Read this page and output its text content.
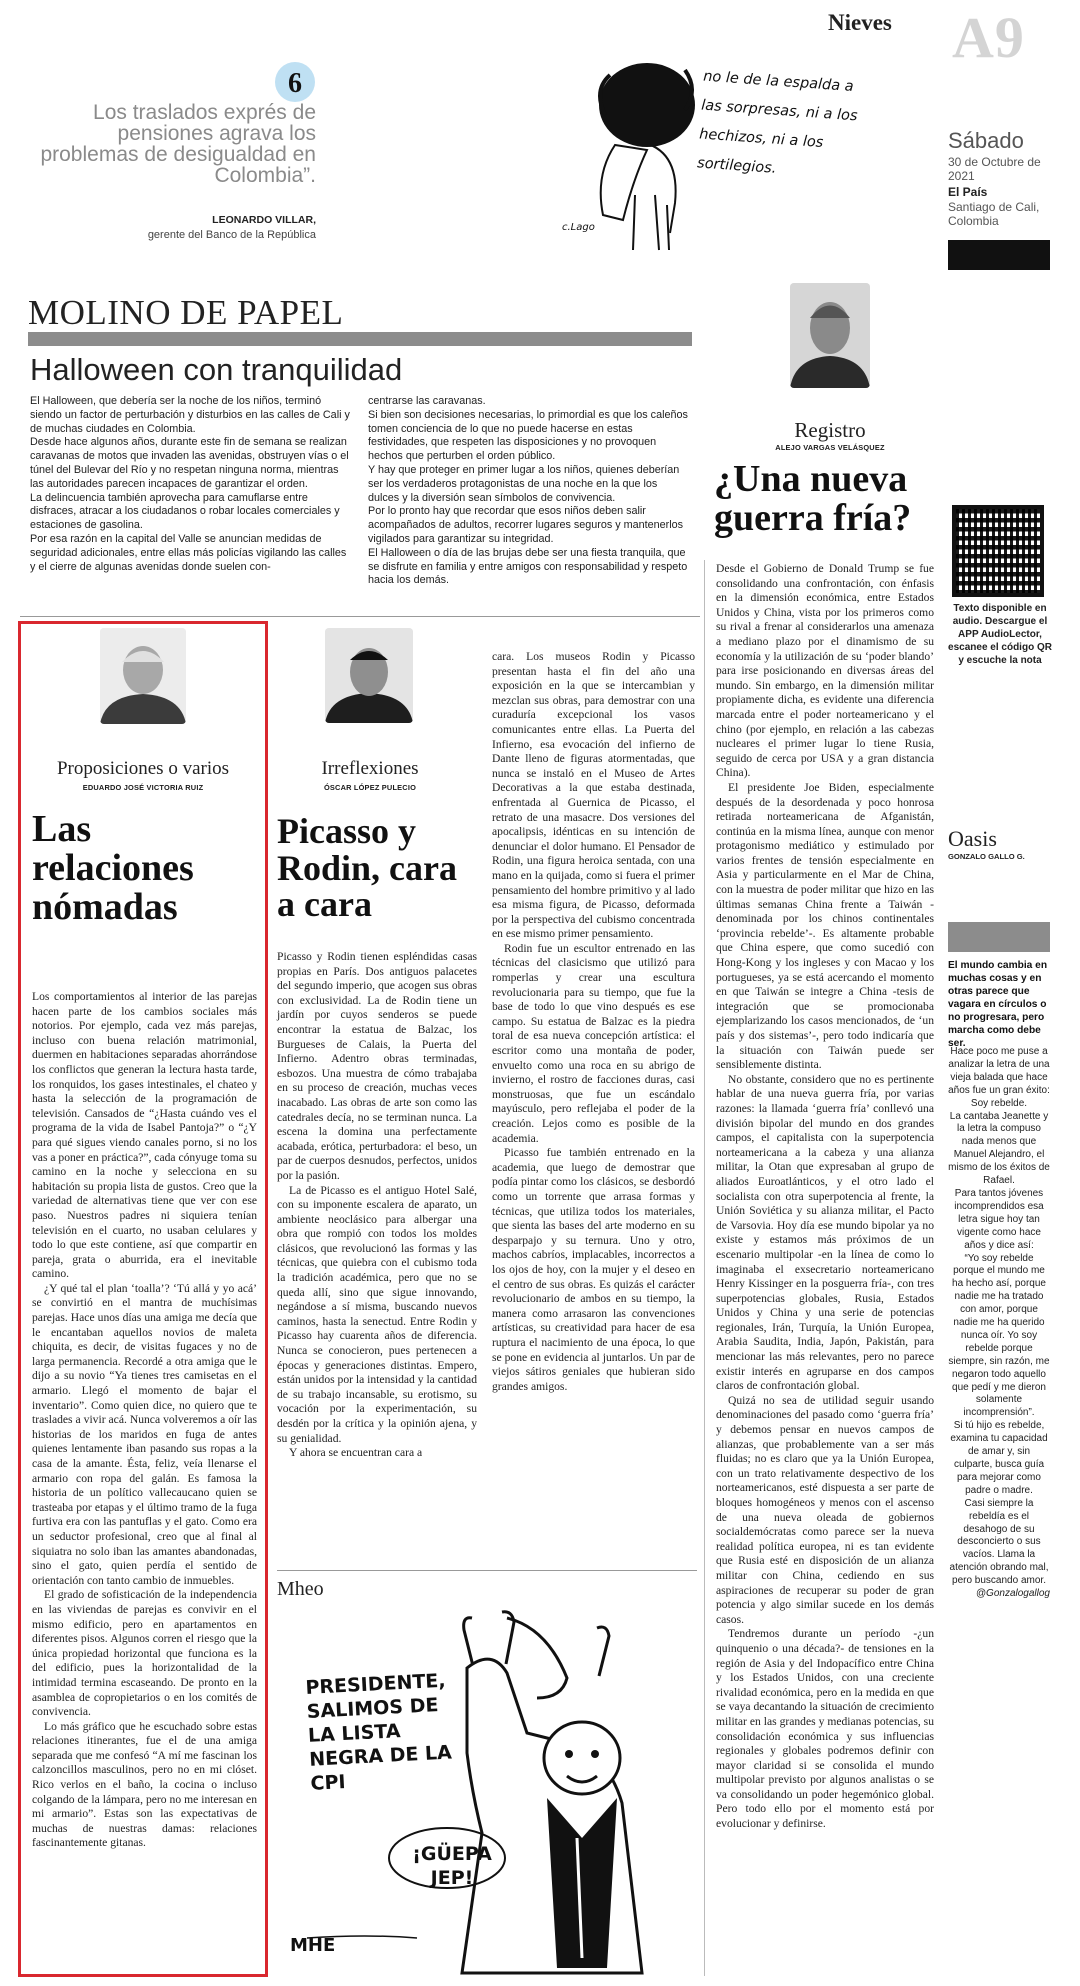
Nieves A9
Sábado
30 de Octubre de 2021
El País
Santiago de Cali, Colombia
6
Los traslados exprés de pensiones agrava los problemas de desigualdad en Colombia”.
LEONARDO VILLAR,
gerente del Banco de la República
no le de la espalda a las sorpresas, ni a los hechizos, ni a los sortilegios.
c.Lago
MOLINO DE PAPEL
Halloween con tranquilidad

El Halloween, que debería ser la noche de los niños, terminó siendo un factor de perturbación y disturbios en las calles de Cali y de muchas ciudades en Colombia.

Desde hace algunos años, durante este fin de semana se realizan caravanas de motos que invaden las avenidas, obstruyen vías o el túnel del Bulevar del Río y no respetan ninguna norma, mientras las autoridades parecen incapaces de garantizar el orden.

La delincuencia también aprovecha para camuflarse entre disfraces, atracar a los ciudadanos o robar locales comerciales y estaciones de gasolina.

Por esa razón en la capital del Valle se anuncian medidas de seguridad adicionales, entre ellas más policías vigilando las calles y el cierre de algunas avenidas donde suelen con-

centrarse las caravanas.

Si bien son decisiones necesarias, lo primordial es que los caleños tomen conciencia de lo que no puede hacerse en estas festividades, que respeten las disposiciones y no provoquen hechos que perturben el orden público.

Y hay que proteger en primer lugar a los niños, quienes deberían ser los verdaderos protagonistas de una noche en la que los dulces y la diversión sean símbolos de convivencia.

Por lo pronto hay que recordar que esos niños deben salir acompañados de adultos, recorrer lugares seguros y mantenerlos vigilados para garantizar su integridad.

El Halloween o día de las brujas debe ser una fiesta tranquila, que se disfrute en familia y entre amigos con responsabilidad y respeto hacia los demás.

Registro
ALEJO VARGAS VELÁSQUEZ
¿Una nueva guerra fría?

Desde el Gobierno de Donald Trump se fue consolidando una confrontación, con énfasis en la dimensión económica, entre Estados Unidos y China, vista por los primeros como su rival a frenar al considerarlos una amenaza a mediano plazo por el dinamismo de su economía y la utilización de su ‘poder blando’ para irse posicionando en diversas áreas del mundo. Sin embargo, en la dimensión militar propiamente dicha, es evidente una diferencia marcada entre el poder norteamericano y el chino (por ejemplo, en relación a las cabezas nucleares el primer lugar lo tiene Rusia, seguido de cerca por USA y a gran distancia China).

El presidente Joe Biden, especialmente después de la desordenada y poco honrosa retirada norteamericana de Afganistán, continúa en la misma línea, aunque con menor protagonismo mediático y estimulado por varios frentes de tensión especialmente en Asia y particularmente en el Mar de China, con la muestra de poder militar que hizo en las últimas semanas China frente a Taiwán -denominada por los chinos continentales ‘provincia rebelde’-. Es altamente probable que China espere, que como sucedió con Hong-Kong y los ingleses y con Macao y los portugueses, ya se está acercando el momento en que Taiwán se integre a China -tesis de integración que se promocionaba ejemplarizando los casos mencionados, de ‘un país y dos sistemas’-, pero todo indicaría que la situación con Taiwán puede ser sensiblemente distinta.

No obstante, considero que no es pertinente hablar de una nueva guerra fría, por varias razones: la llamada ‘guerra fría’ conllevó una división bipolar del mundo en dos grandes campos, el capitalista con la superpotencia norteamericana a la cabeza y una alianza militar, la Otan que expresaban al grupo de aliados Euroatlánticos, y el otro lado el socialista con otra superpotencia al frente, la Unión Soviética y su alianza militar, el Pacto de Varsovia. Hoy día ese mundo bipolar ya no existe y estamos más próximos de un escenario multipolar -en la línea de como lo imaginaba el exsecretario norteamericano Henry Kissinger en la posguerra fría-, con tres superpotencias globales, Rusia, Estados Unidos y China y una serie de potencias regionales, Irán, Turquía, la Unión Europea, Arabia Saudita, India, Japón, Pakistán, para mencionar las más relevantes, pero no parece existir interés en agruparse en dos campos claros de confrontación global.

Quizá no sea de utilidad seguir usando denominaciones del pasado como ‘guerra fría’ y debemos pensar en nuevos campos de alianzas, que probablemente van a ser más fluidas; no es claro que ya la Unión Europea, con un trato relativamente despectivo de los norteamericanos, esté dispuesta a ser parte de bloques homogéneos y menos con el ascenso de una nueva oleada de gobiernos socialdemócratas como parece ser la nueva realidad política europea, ni es tan evidente que Rusia esté en disposición de un alianza militar con China, cediendo en sus aspiraciones de recuperar su poder de gran potencia y algo similar sucede en los demás casos.

Tendremos durante un período -¿un quinquenio o una década?- de tensiones en la región de Asia y del Indopacífico entre China y los Estados Unidos, con una creciente rivalidad económica, pero en la medida en que se vaya decantando la situación de crecimiento militar en las grandes y medianas potencias, su consolidación económica y sus influencias regionales y globales podremos definir con mayor claridad si se consolida el mundo multipolar previsto por algunos analistas o se va consolidando un poder hegemónico global. Pero todo ello por el momento está por evolucionar y definirse.

Texto disponible en audio. Descargue el APP AudioLector, escanee el código QR y escuche la nota
Oasis
GONZALO GALLO G.
El mundo cambia en muchas cosas y en otras parece que vagara en círculos o no progresara, pero marcha como debe ser.

Hace poco me puse a analizar la letra de una vieja balada que hace años fue un gran éxito: Soy rebelde.

La cantaba Jeanette y la letra la compuso nada menos que Manuel Alejandro, el mismo de los éxitos de Rafael.

Para tantos jóvenes incomprendidos esa letra sigue hoy tan vigente como hace años y dice así:

“Yo soy rebelde porque el mundo me ha hecho así, porque nadie me ha tratado con amor, porque nadie me ha querido nunca oír. Yo soy rebelde porque siempre, sin razón, me negaron todo aquello que pedí y me dieron solamente incomprensión”.

Si tú hijo es rebelde, examina tu capacidad de amar y, sin culparte, busca guía para mejorar como padre o madre.

Casi siempre la rebeldía es el desahogo de su desconcierto o sus vacíos. Llama la atención obrando mal, pero buscando amor.

@Gonzalogallog

Proposiciones o varios
EDUARDO JOSÉ VICTORIA RUIZ
Las relaciones nómadas

Los comportamientos al interior de las parejas hacen parte de los cambios sociales más notorios. Por ejemplo, cada vez más parejas, incluso con buena relación matrimonial, duermen en habitaciones separadas ahorrándose los conflictos que generan la lectura hasta tarde, los ronquidos, los gases intestinales, el chateo y hasta la selección de la programación de televisión. Cansados de “¿Hasta cuándo ves el programa de la vida de Isabel Pantoja?” o “¿Y para qué sigues viendo canales porno, si no los vas a poner en práctica?”, cada cónyuge toma su camino en la noche y selecciona en su habitación su propia lista de gustos. Creo que la variedad de alternativas tiene que ver con ese paso. Nuestros padres ni siquiera tenían televisión en el cuarto, no usaban celulares y todo lo que este contiene, así que compartir en pareja, grata o aburrida, era el inevitable camino.

¿Y qué tal el plan ‘toalla’? ‘Tú allá y yo acá’ se convirtió en el mantra de muchísimas parejas. Hace unos días una amiga me decía que le encantaban aquellos novios de maleta chiquita, es decir, de visitas fugaces y no de larga permanencia. Recordé a otra amiga que le dijo a su novio “Ya tienes tres camisetas en el armario. Llegó el momento de bajar el inventario”. Como quien dice, no quiero que te traslades a vivir acá. Nunca volveremos a oír las historias de los maridos en fuga de antes quienes lentamente iban pasando sus ropas a la casa de la amante. Ésta, feliz, veía llenarse el armario con ropa del galán. Es famosa la historia de un político vallecaucano quien se trasteaba por etapas y el último tramo de la fuga furtiva era con las pantuflas y el gato. Como era un seductor profesional, creo que al final al siquiatra no solo iban las amantes abandonadas, sino el gato, quien perdía el sentido de orientación con tanto cambio de inmuebles.

El grado de sofisticación de la independencia en las viviendas de parejas es convivir en el mismo edificio, pero en apartamentos en diferentes pisos. Algunos corren el riesgo que la única propiedad horizontal que funciona es la del edificio, pues la horizontalidad de la intimidad termina escaseando. De pronto en la asamblea de copropietarios o en los comités de convivencia.

Lo más gráfico que he escuchado sobre estas relaciones itinerantes, fue el de una amiga separada que me confesó “A mí me fascinan los calzoncillos masculinos, pero no en mi clóset. Rico verlos en el baño, la cocina o incluso colgando de la lámpara, pero no me interesan en mi armario”. Estas son las expectativas de muchas de nuestras damas: relaciones fascinantemente gitanas.

Irreflexiones
ÓSCAR LÓPEZ PULECIO
Picasso y Rodin, cara a cara

Picasso y Rodin tienen espléndidas casas propias en París. Dos antiguos palacetes del segundo imperio, que acogen sus obras con exclusividad. La de Rodin tiene un jardín por cuyos senderos se puede encontrar la estatua de Balzac, los Burgueses de Calais, la Puerta del Infierno. Adentro obras terminadas, esbozos. Una muestra de cómo trabajaba en su proceso de creación, muchas veces inacabado. Las obras de arte son como las catedrales decía, no se terminan nunca. La escena la domina una perfectamente acabada, erótica, perturbadora: el beso, un par de cuerpos desnudos, perfectos, unidos por la pasión.

La de Picasso es el antiguo Hotel Salé, con su imponente escalera de aparato, un ambiente neoclásico para albergar una obra que rompió con todos los moldes clásicos, que revolucionó las formas y las técnicas, que quiebra con el cubismo toda la tradición académica, pero que no se queda allí, sino que sigue innovando, negándose a sí misma, buscando nuevos caminos, hasta la senectud. Entre Rodin y Picasso hay cuarenta años de diferencia. Nunca se conocieron, pues pertenecen a épocas y generaciones distintas. Empero, están unidos por la intensidad y la cantidad de su trabajo incansable, su erotismo, su vocación por la experimentación, su desdén por la crítica y la opinión ajena, y su genialidad.

Y ahora se encuentran cara a

cara. Los museos Rodin y Picasso presentan hasta el fin del año una exposición en la que se intercambian y mezclan sus obras, para demostrar con una curaduría excepcional los vasos comunicantes entre ellas. La Puerta del Infierno, esa evocación del infierno de Dante lleno de figuras atormentadas, que nunca se instaló en el Museo de Artes Decorativas a la que estaba destinada, enfrentada al Guernica de Picasso, el retrato de una masacre. Dos versiones del apocalipsis, idénticas en su intención de denunciar el dolor humano. El Pensador de Rodin, una figura heroica sentada, con una mano en la quijada, como si fuera el primer pensamiento del hombre primitivo y al lado esa misma figura, de Picasso, deformada por la perspectiva del cubismo concentrada en ese mismo primer pensamiento.

Rodin fue un escultor entrenado en las técnicas del clasicismo que utilizó para romperlas y crear una escultura revolucionaria para su tiempo, que fue la base de todo lo que vino después es ese campo. Su estatua de Balzac es la piedra toral de esa nueva concepción artística: el escritor como una montaña de poder, envuelto como una roca en su abrigo de invierno, el rostro de facciones duras, casi monstruosas, que fue un escándalo mayúsculo, pero reflejaba el poder de la creación. Lejos como es posible de la academia.

Picasso fue también entrenado en la academia, que luego de demostrar que podía pintar como los clásicos, se desbordó como un torrente que arrasa formas y técnicas, que utiliza todos los materiales, que sienta las bases del arte moderno en su desparpajo y su ternura. Uno y otro, machos cabríos, implacables, incorrectos a los ojos de hoy, con la mujer y el deseo en el centro de sus obras. Es quizás el carácter revolucionario de ambos en su tiempo, la manera como arrasaron las convenciones artísticas, su creatividad para hacer de esa ruptura el nacimiento de una época, lo que se pone en evidencia al juntarlos. Un par de viejos sátiros geniales que hubieran sido grandes amigos.

Mheo
PRESIDENTE, SALIMOS DE LA LISTA NEGRA DE LA CPI
¡GÜEPA JEP!
MHE
